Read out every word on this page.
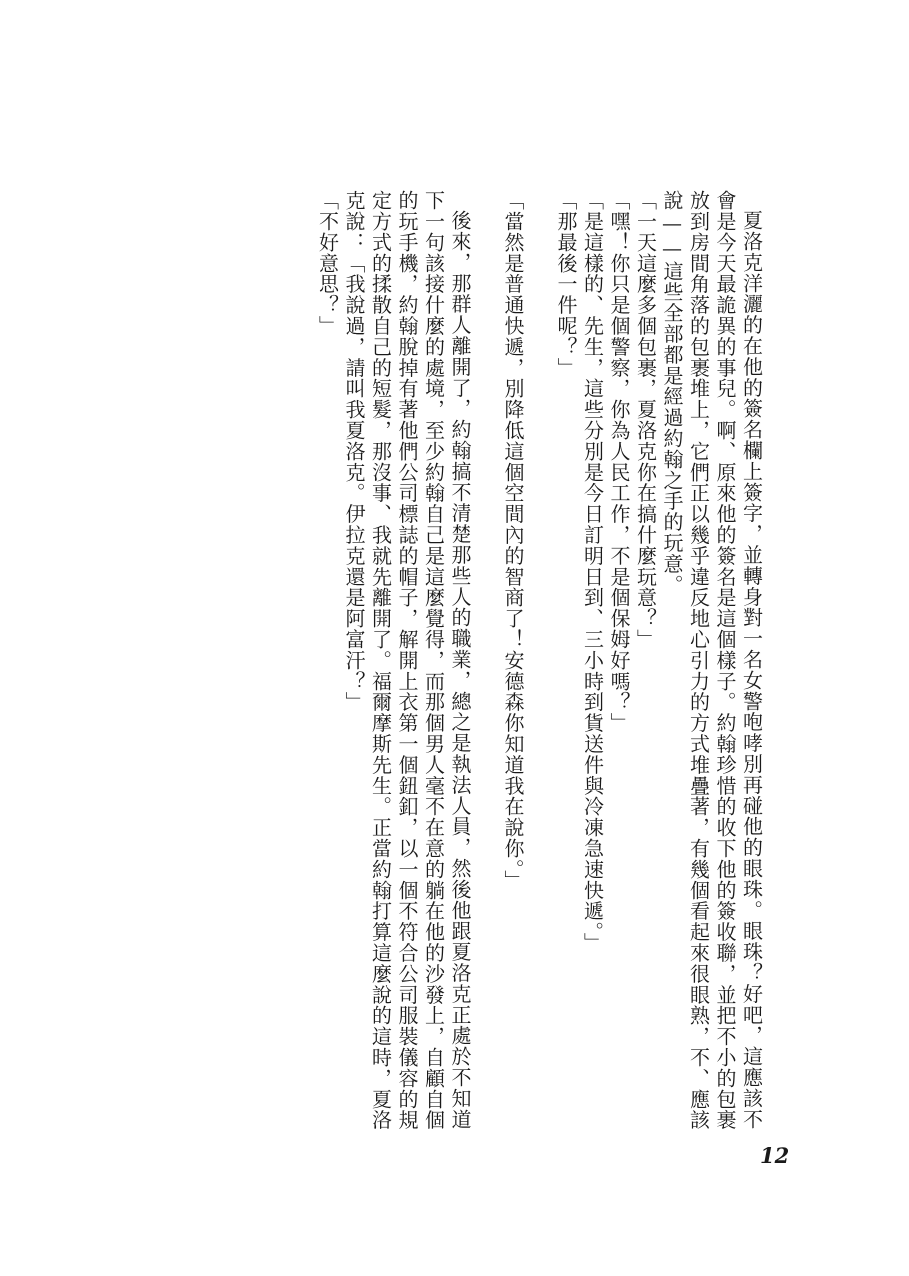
夏洛克洋灑的在他的簽名欄上簽字，並轉身對一名女警咆哮別再碰他的眼珠。眼珠？好吧，這應該不會是今天最詭異的事兒。啊、原來他的簽名是這個樣子。約翰珍惜的收下他的簽收聯，並把不小的包裹放到房間角落的包裹堆上，它們正以幾乎違反地心引力的方式堆疊著，有幾個看起來很眼熟，不、應該說——這些全部都是經過約翰之手的玩意。

「一天這麼多個包裹，夏洛克你在搞什麼玩意？」

「嘿！你只是個警察，你為人民工作，不是個保姆好嗎？」

「是這樣的、先生，這些分別是今日訂明日到、三小時到貨送件與冷凍急速快遞。」

「那最後一件呢？」

「當然是普通快遞，別降低這個空間內的智商了！安德森你知道我在說你。」

後來，那群人離開了，約翰搞不清楚那些人的職業，總之是執法人員，然後他跟夏洛克正處於不知道下一句該接什麼的處境，至少約翰自己是這麼覺得，而那個男人毫不在意的躺在他的沙發上，自顧自個的玩手機，約翰脫掉有著他們公司標誌的帽子，解開上衣第一個鈕釦，以一個不符合公司服裝儀容的規定方式的揉散自己的短髮，那沒事、我就先離開了。福爾摩斯先生。正當約翰打算這麼說的這時，夏洛克說：「我說過，請叫我夏洛克。伊拉克還是阿富汗？」

「不好意思？」

12
